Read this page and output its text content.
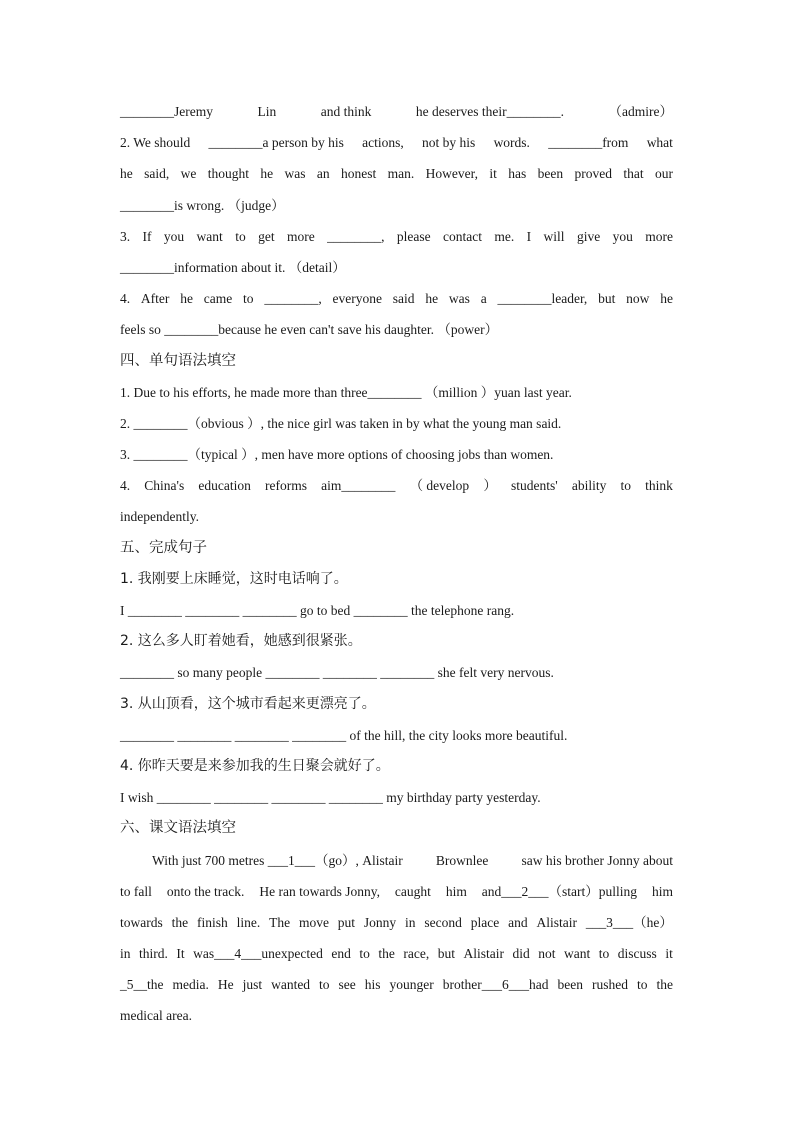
________Jeremy	Lin	and think	he deserves their________.	（admire）
2. We should ________a person by his actions, not by his words. ________from what
he said, we thought he was an honest man. However, it has been proved that our
________is wrong. （judge）
3. If you want to get more ________, please contact me. I will give you more
________information about it. （detail）
4. After he came to ________, everyone said he was a ________leader, but now he
feels so ________because he even can't save his daughter. （power）
四、单句语法填空
1. Due to his efforts, he made more than three________ （million ）yuan last year.
2. ________（obvious ）, the nice girl was taken in by what the young man said.
3. ________（typical ）, men have more options of choosing jobs than women.
4. China's education reforms aim________ （ develop ） students' ability to think
independently.
五、完成句子
1. 我刚要上床睡觉，这时电话响了。
I ________ ________ ________ go to bed ________ the telephone rang.
2. 这么多人盯着她看，她感到很紧张。
________ so many people ________ ________ ________ she felt very nervous.
3. 从山顶看，这个城市看起来更漂亮了。
________ ________ ________ ________ of the hill, the city looks more beautiful.
4. 你昨天要是来参加我的生日聚会就好了。
I wish ________ ________ ________ ________ my birthday party yesterday.
六、课文语法填空
With just 700 metres ___1___（go）, Alistair Brownlee saw his brother Jonny about
to fall onto the track. He ran towards Jonny, caught him and___2___（start）pulling him
towards the finish line. The move put Jonny in second place and Alistair ___3___（he）
in third. It was___4___unexpected end to the race, but Alistair did not want to discuss it
_5__the media. He just wanted to see his younger brother___6___had been rushed to the
medical area.
